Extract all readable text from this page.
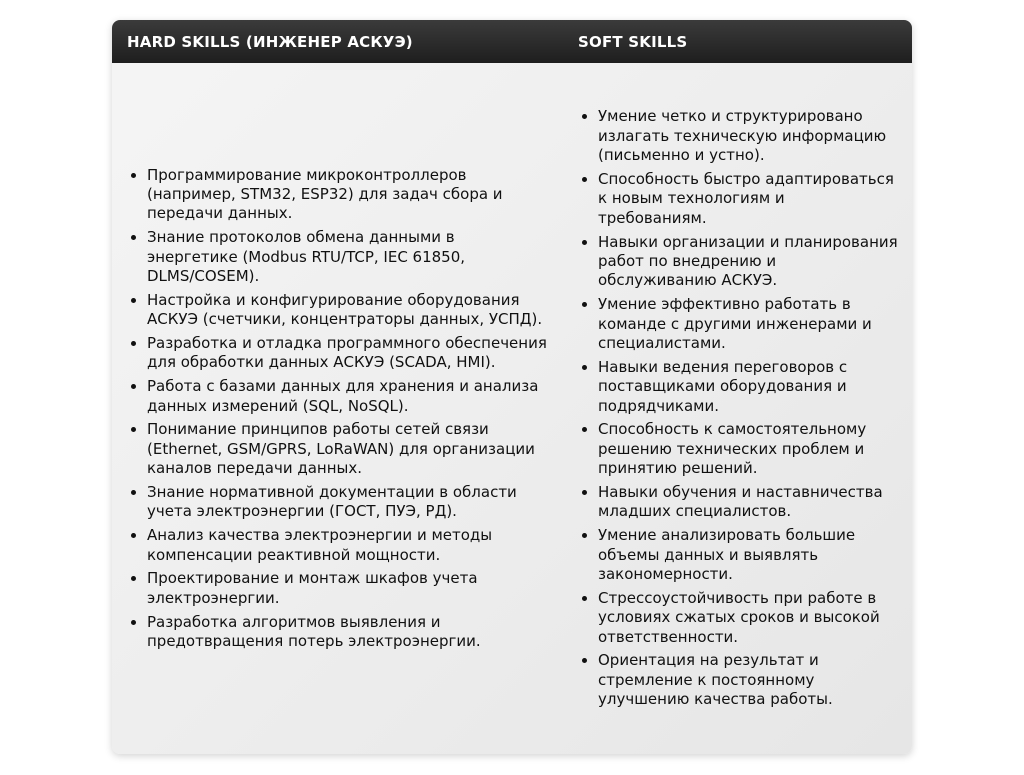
HARD SKILLS (ИНЖЕНЕР АСКУЭ)	SOFT SKILLS
Программирование микроконтроллеров (например, STM32, ESP32) для задач сбора и передачи данных.
Знание протоколов обмена данными в энергетике (Modbus RTU/TCP, IEC 61850, DLMS/COSEM).
Настройка и конфигурирование оборудования АСКУЭ (счетчики, концентраторы данных, УСПД).
Разработка и отладка программного обеспечения для обработки данных АСКУЭ (SCADA, HMI).
Работа с базами данных для хранения и анализа данных измерений (SQL, NoSQL).
Понимание принципов работы сетей связи (Ethernet, GSM/GPRS, LoRaWAN) для организации каналов передачи данных.
Знание нормативной документации в области учета электроэнергии (ГОСТ, ПУЭ, РД).
Анализ качества электроэнергии и методы компенсации реактивной мощности.
Проектирование и монтаж шкафов учета электроэнергии.
Разработка алгоритмов выявления и предотвращения потерь электроэнергии.
Умение четко и структурировано излагать техническую информацию (письменно и устно).
Способность быстро адаптироваться к новым технологиям и требованиям.
Навыки организации и планирования работ по внедрению и обслуживанию АСКУЭ.
Умение эффективно работать в команде с другими инженерами и специалистами.
Навыки ведения переговоров с поставщиками оборудования и подрядчиками.
Способность к самостоятельному решению технических проблем и принятию решений.
Навыки обучения и наставничества младших специалистов.
Умение анализировать большие объемы данных и выявлять закономерности.
Стрессоустойчивость при работе в условиях сжатых сроков и высокой ответственности.
Ориентация на результат и стремление к постоянному улучшению качества работы.
